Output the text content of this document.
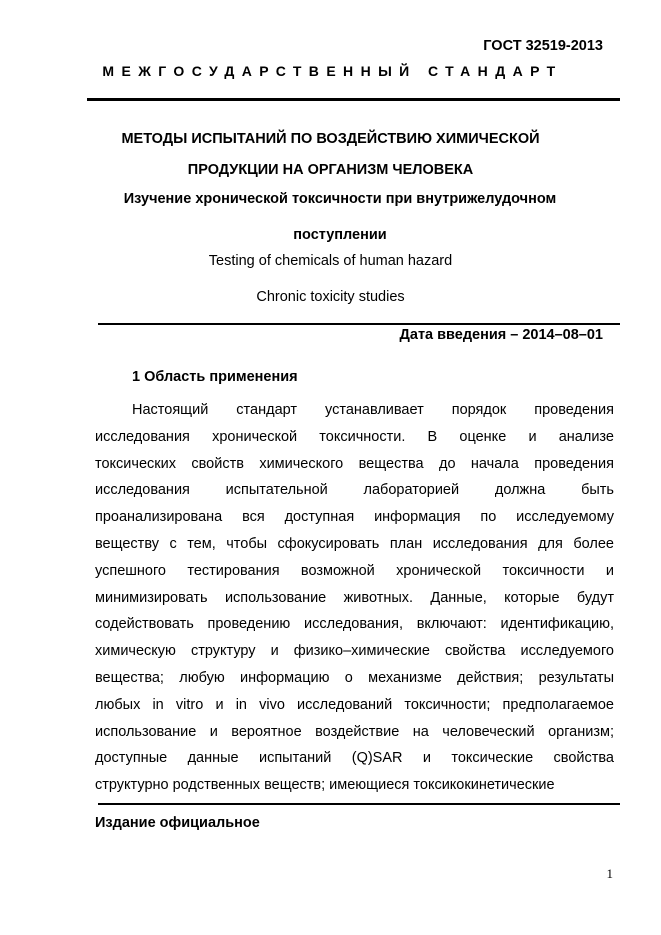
ГОСТ 32519-2013
МЕЖГОСУДАРСТВЕННЫЙ СТАНДАРТ
МЕТОДЫ ИСПЫТАНИЙ ПО ВОЗДЕЙСТВИЮ ХИМИЧЕСКОЙ
ПРОДУКЦИИ НА ОРГАНИЗМ ЧЕЛОВЕКА
Изучение хронической токсичности при внутрижелудочном
поступлении
Testing of chemicals of human hazard
Chronic toxicity studies
Дата введения – 2014–08–01
1 Область применения
Настоящий стандарт устанавливает порядок проведения
исследования хронической токсичности. В оценке и анализе
токсических свойств химического вещества до начала проведения
исследования испытательной лабораторией должна быть
проанализирована вся доступная информация по исследуемому
веществу с тем, чтобы сфокусировать план исследования для более
успешного тестирования возможной хронической токсичности и
минимизировать использование животных. Данные, которые будут
содействовать проведению исследования, включают: идентификацию,
химическую структуру и физико–химические свойства исследуемого
вещества; любую информацию о механизме действия; результаты
любых in vitro и in vivo исследований токсичности; предполагаемое
использование и вероятное воздействие на человеческий организм;
доступные данные испытаний (Q)SAR и токсические свойства
структурно родственных веществ; имеющиеся токсикокинетические
Издание официальное
1
